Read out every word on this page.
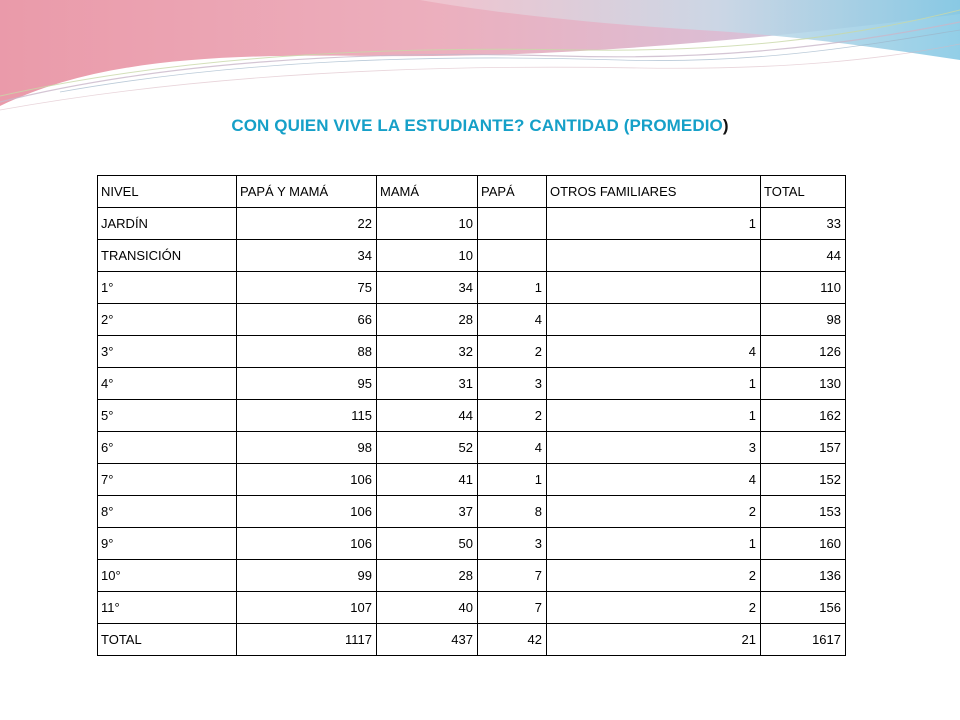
CON QUIEN VIVE LA ESTUDIANTE? CANTIDAD (PROMEDIO)
NIVEL	PAPÁ Y MAMÁ	MAMÁ	PAPÁ	OTROS FAMILIARES	TOTAL
JARDÍN	22	10		1	33
TRANSICIÓN	34	10			44
1°	75	34	1		110
2°	66	28	4		98
3°	88	32	2	4	126
4°	95	31	3	1	130
5°	115	44	2	1	162
6°	98	52	4	3	157
7°	106	41	1	4	152
8°	106	37	8	2	153
9°	106	50	3	1	160
10°	99	28	7	2	136
11°	107	40	7	2	156
TOTAL	1117	437	42	21	1617
